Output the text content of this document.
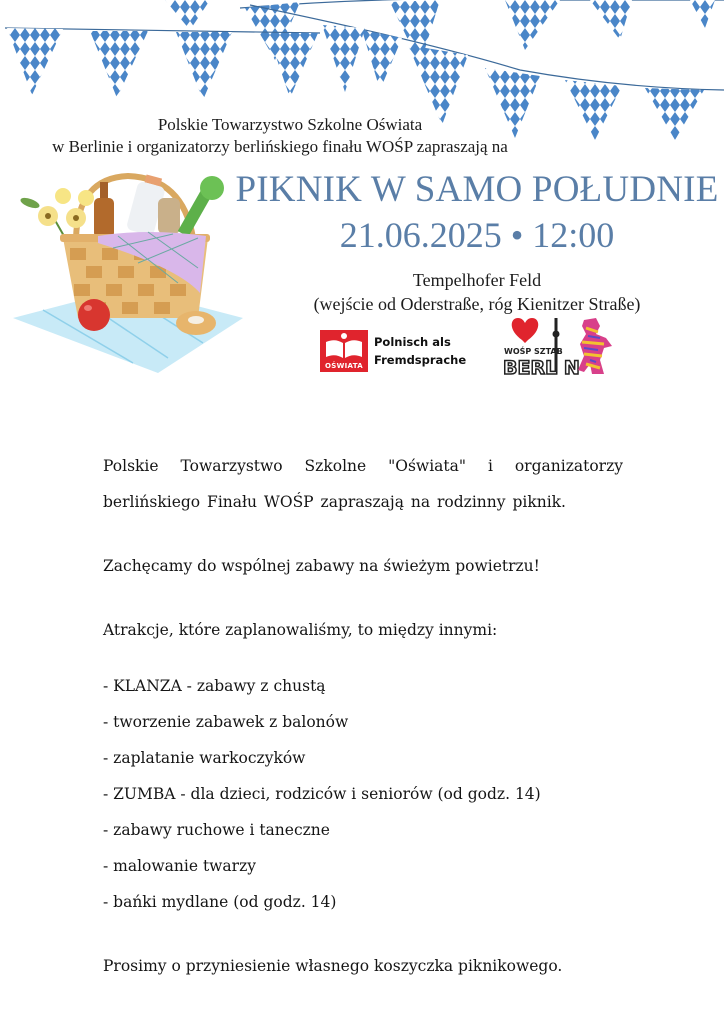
Polskie Towarzystwo Szkolne Oświata
w Berlinie i organizatorzy berlińskiego finału WOŚP zapraszają na
PIKNIK W SAMO POŁUDNIE
21.06.2025 • 12:00
Tempelhofer Feld
(wejście od Oderstraße, róg Kienitzer Straße)
OŚWIATA
Polnisch als
Fremdsprache
WOŚP SZTAB
BERL N

Polskie Towarzystwo Szkolne "Oświata" i organizatorzy berlińskiego Finału WOŚP zapraszają na rodzinny piknik.

Zachęcamy do wspólnej zabawy na świeżym powietrzu!

Atrakcje, które zaplanowaliśmy, to między innymi:

- KLANZA - zabawy z chustą
- tworzenie zabawek z balonów
- zaplatanie warkoczyków
- ZUMBA - dla dzieci, rodziców i seniorów (od godz. 14)
- zabawy ruchowe i taneczne
- malowanie twarzy
- bańki mydlane (od godz. 14)

Prosimy o przyniesienie własnego koszyczka piknikowego.
